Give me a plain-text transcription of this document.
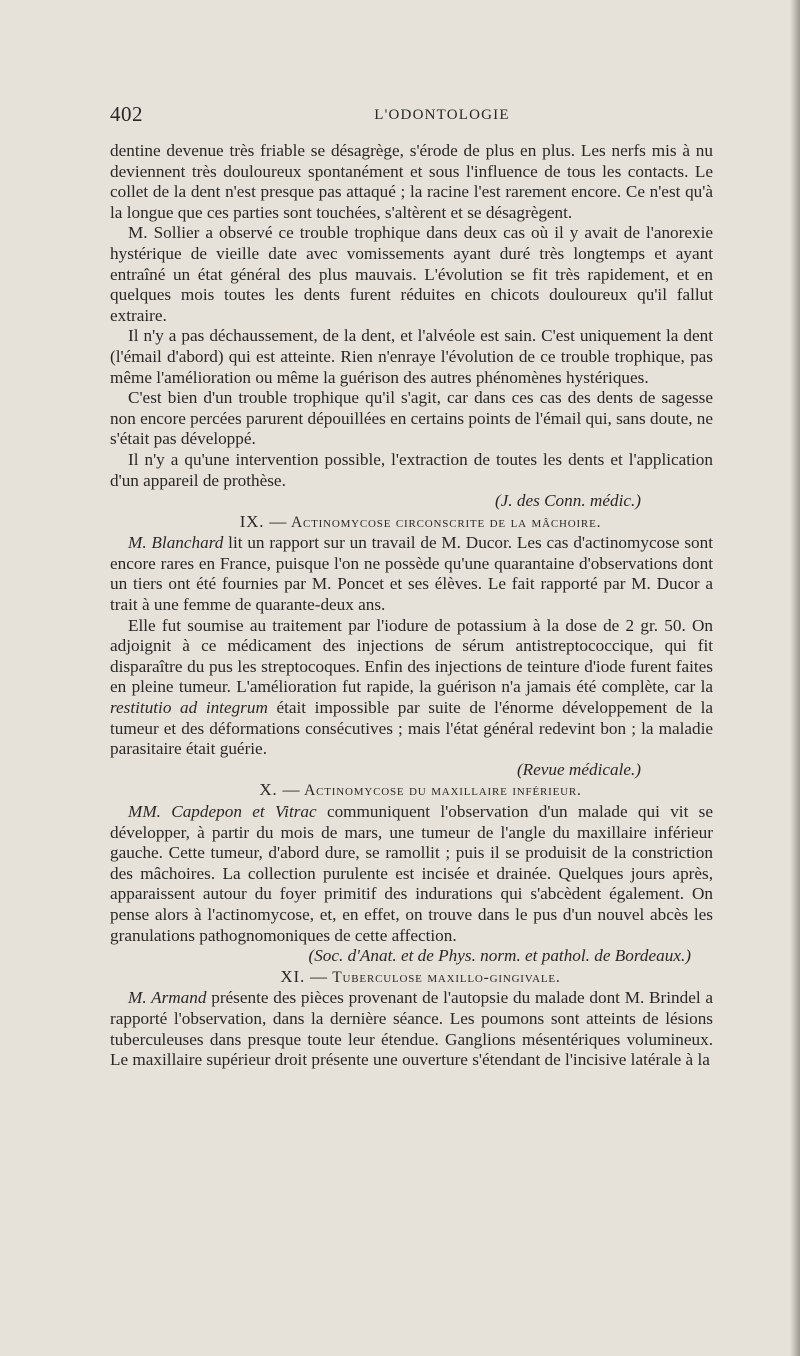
402	L'ODONTOLOGIE

dentine devenue très friable se désagrège, s'érode de plus en plus. Les nerfs mis à nu deviennent très douloureux spontanément et sous l'influence de tous les contacts. Le collet de la dent n'est presque pas attaqué ; la racine l'est rarement encore. Ce n'est qu'à la longue que ces parties sont touchées, s'altèrent et se désagrègent.

M. Sollier a observé ce trouble trophique dans deux cas où il y avait de l'anorexie hystérique de vieille date avec vomissements ayant duré très longtemps et ayant entraîné un état général des plus mauvais. L'évolution se fit très rapidement, et en quelques mois toutes les dents furent réduites en chicots douloureux qu'il fallut extraire.

Il n'y a pas déchaussement, de la dent, et l'alvéole est sain. C'est uniquement la dent (l'émail d'abord) qui est atteinte. Rien n'enraye l'évolution de ce trouble trophique, pas même l'amélioration ou même la guérison des autres phénomènes hystériques.

C'est bien d'un trouble trophique qu'il s'agit, car dans ces cas des dents de sagesse non encore percées parurent dépouillées en certains points de l'émail qui, sans doute, ne s'était pas développé.

Il n'y a qu'une intervention possible, l'extraction de toutes les dents et l'application d'un appareil de prothèse.

(J. des Conn. médic.)

IX. — Actinomycose circonscrite de la mâchoire.

M. Blanchard lit un rapport sur un travail de M. Ducor. Les cas d'actinomycose sont encore rares en France, puisque l'on ne possède qu'une quarantaine d'observations dont un tiers ont été fournies par M. Poncet et ses élèves. Le fait rapporté par M. Ducor a trait à une femme de quarante-deux ans.

Elle fut soumise au traitement par l'iodure de potassium à la dose de 2 gr. 50. On adjoignit à ce médicament des injections de sérum antistreptococcique, qui fit disparaître du pus les streptocoques. Enfin des injections de teinture d'iode furent faites en pleine tumeur. L'amélioration fut rapide, la guérison n'a jamais été complète, car la restitutio ad integrum était impossible par suite de l'énorme développement de la tumeur et des déformations consécutives ; mais l'état général redevint bon ; la maladie parasitaire était guérie.

(Revue médicale.)

X. — Actinomycose du maxillaire inférieur.

MM. Capdepon et Vitrac communiquent l'observation d'un malade qui vit se développer, à partir du mois de mars, une tumeur de l'angle du maxillaire inférieur gauche. Cette tumeur, d'abord dure, se ramollit ; puis il se produisit de la constriction des mâchoires. La collection purulente est incisée et drainée. Quelques jours après, apparaissent autour du foyer primitif des indurations qui s'abcèdent également. On pense alors à l'actinomycose, et, en effet, on trouve dans le pus d'un nouvel abcès les granulations pathognomoniques de cette affection.

(Soc. d'Anat. et de Phys. norm. et pathol. de Bordeaux.)

XI. — Tuberculose maxillo-gingivale.

M. Armand présente des pièces provenant de l'autopsie du malade dont M. Brindel a rapporté l'observation, dans la dernière séance. Les poumons sont atteints de lésions tuberculeuses dans presque toute leur étendue. Ganglions mésentériques volumineux. Le maxillaire supérieur droit présente une ouverture s'étendant de l'incisive latérale à la
